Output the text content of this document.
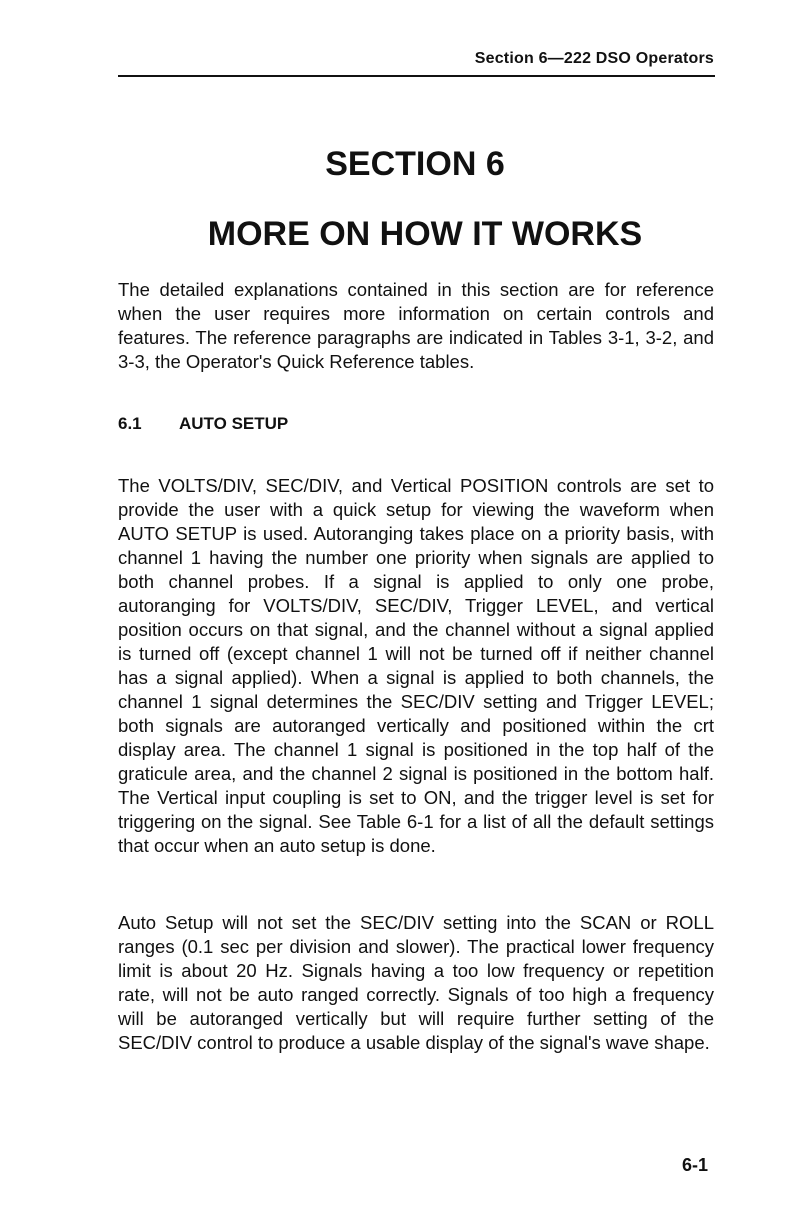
Section 6—222 DSO Operators
SECTION 6
MORE ON HOW IT WORKS

The detailed explanations contained in this section are for reference when the user requires more information on certain controls and features. The reference paragraphs are indicated in Tables 3-1, 3-2, and 3-3, the Operator's Quick Reference tables.

6.1 AUTO SETUP

The VOLTS/DIV, SEC/DIV, and Vertical POSITION controls are set to provide the user with a quick setup for viewing the waveform when AUTO SETUP is used. Autoranging takes place on a priority basis, with channel 1 having the number one priority when signals are applied to both channel probes. If a signal is applied to only one probe, autoranging for VOLTS/DIV, SEC/DIV, Trigger LEVEL, and vertical position occurs on that signal, and the channel without a signal applied is turned off (except channel 1 will not be turned off if neither channel has a signal applied). When a signal is applied to both channels, the channel 1 signal determines the SEC/DIV setting and Trigger LEVEL; both signals are autoranged vertically and positioned within the crt display area. The channel 1 signal is positioned in the top half of the graticule area, and the channel 2 signal is positioned in the bottom half. The Vertical input coupling is set to ON, and the trigger level is set for triggering on the signal. See Table 6-1 for a list of all the default settings that occur when an auto setup is done.

Auto Setup will not set the SEC/DIV setting into the SCAN or ROLL ranges (0.1 sec per division and slower). The practical lower frequency limit is about 20 Hz. Signals having a too low frequency or repetition rate, will not be auto ranged correctly. Signals of too high a frequency will be autoranged vertically but will require further setting of the SEC/DIV control to produce a usable display of the signal's wave shape.

6-1
